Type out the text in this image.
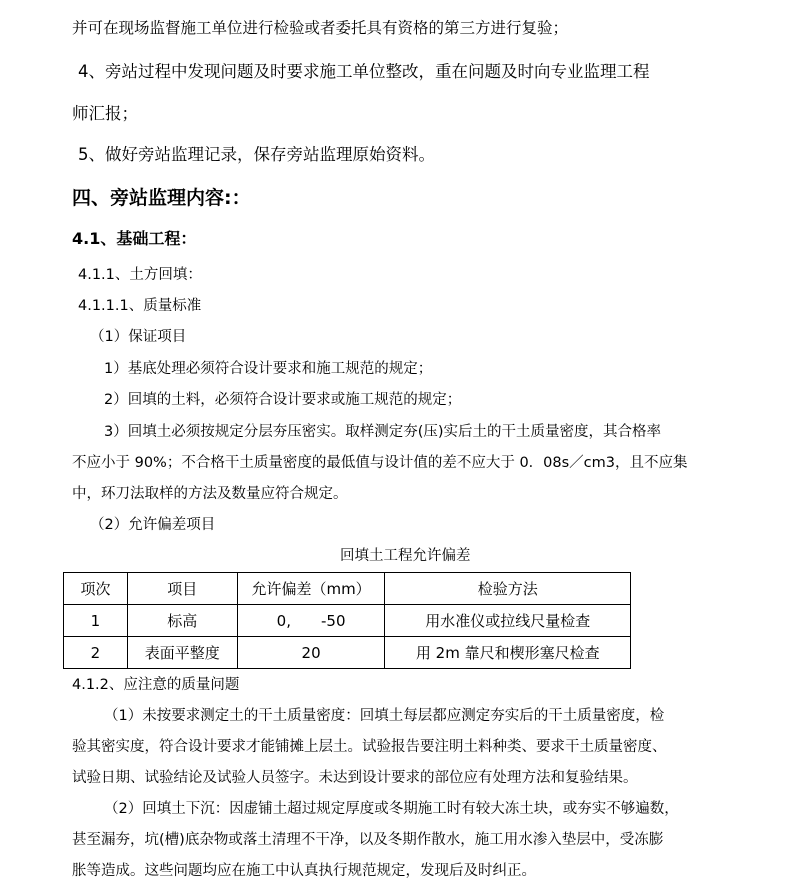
并可在现场监督施工单位进行检验或者委托具有资格的第三方进行复验；
4、旁站过程中发现问题及时要求施工单位整改，重在问题及时向专业监理工程
师汇报；
5、做好旁站监理记录，保存旁站监理原始资料。
四、旁站监理内容:：
4.1、基础工程：
4.1.1、土方回填：
4.1.1.1、质量标准
（1）保证项目
1）基底处理必须符合设计要求和施工规范的规定；
2）回填的土料，必须符合设计要求或施工规范的规定；
3）回填土必须按规定分层夯压密实。取样测定夯(压)实后土的干土质量密度，其合格率
不应小于 90%；不合格干土质量密度的最低值与设计值的差不应大于 0．08s／cm3，且不应集
中，环刀法取样的方法及数量应符合规定。
（2）允许偏差项目
回填土工程允许偏差
项次	项目	允许偏差（mm）	检验方法
1	标高	0,　　-50	用水准仪或拉线尺量检查
2	表面平整度	20	用 2m 靠尺和楔形塞尺检查
4.1.2、应注意的质量问题
（1）未按要求测定土的干土质量密度：回填土每层都应测定夯实后的干土质量密度，检
验其密实度，符合设计要求才能铺摊上层土。试验报告要注明土料种类、要求干土质量密度、
试验日期、试验结论及试验人员签字。未达到设计要求的部位应有处理方法和复验结果。
（2）回填土下沉：因虚铺土超过规定厚度或冬期施工时有较大冻土块，或夯实不够遍数，
甚至漏夯，坑(槽)底杂物或落土清理不干净，以及冬期作散水，施工用水渗入垫层中，受冻膨
胀等造成。这些问题均应在施工中认真执行规范规定，发现后及时纠正。
